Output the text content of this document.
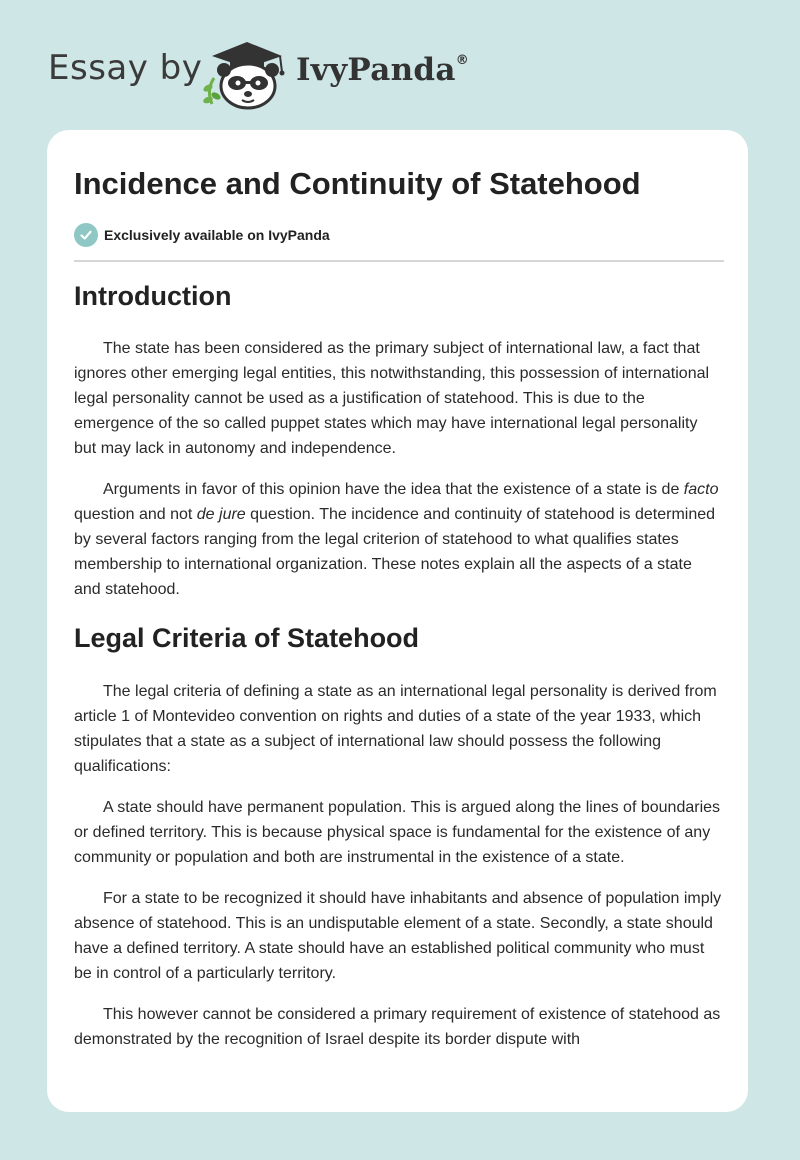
Essay by	IvyPanda®
Incidence and Continuity of Statehood
Exclusively available on IvyPanda
Introduction

The state has been considered as the primary subject of international law, a fact that ignores other emerging legal entities, this notwithstanding, this possession of international legal personality cannot be used as a justification of statehood. This is due to the emergence of the so called puppet states which may have international legal personality but may lack in autonomy and independence.

Arguments in favor of this opinion have the idea that the existence of a state is de facto question and not de jure question. The incidence and continuity of statehood is determined by several factors ranging from the legal criterion of statehood to what qualifies states membership to international organization. These notes explain all the aspects of a state and statehood.

Legal Criteria of Statehood

The legal criteria of defining a state as an international legal personality is derived from article 1 of Montevideo convention on rights and duties of a state of the year 1933, which stipulates that a state as a subject of international law should possess the following qualifications:

A state should have permanent population. This is argued along the lines of boundaries or defined territory. This is because physical space is fundamental for the existence of any community or population and both are instrumental in the existence of a state.

For a state to be recognized it should have inhabitants and absence of population imply absence of statehood. This is an undisputable element of a state. Secondly, a state should have a defined territory. A state should have an established political community who must be in control of a particularly territory.

This however cannot be considered a primary requirement of existence of statehood as demonstrated by the recognition of Israel despite its border dispute with
